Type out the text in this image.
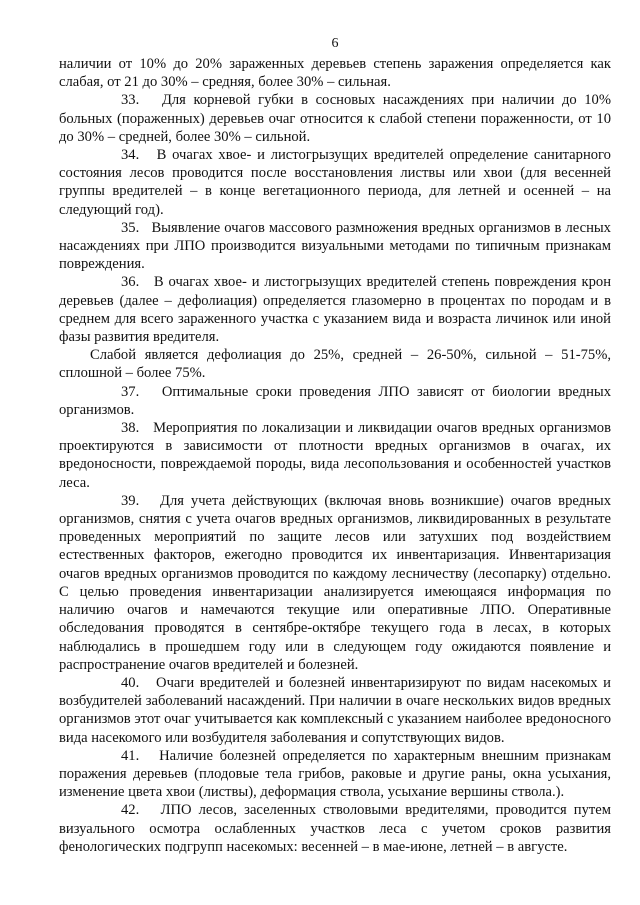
6

наличии от 10% до 20% зараженных деревьев степень заражения определяется как слабая, от 21 до 30% – средняя, более 30% – сильная.

33. Для корневой губки в сосновых насаждениях при наличии до 10% больных (пораженных) деревьев очаг относится к слабой степени пораженности, от 10 до 30% – средней, более 30% – сильной.

34. В очагах хвое- и листогрызущих вредителей определение санитарного состояния лесов проводится после восстановления листвы или хвои (для весенней группы вредителей – в конце вегетационного периода, для летней и осенней – на следующий год).

35. Выявление очагов массового размножения вредных организмов в лесных насаждениях при ЛПО производится визуальными методами по типичным признакам повреждения.

36. В очагах хвое- и листогрызущих вредителей степень повреждения крон деревьев (далее – дефолиация) определяется глазомерно в процентах по породам и в среднем для всего зараженного участка с указанием вида и возраста личинок или иной фазы развития вредителя.

Слабой является дефолиация до 25%, средней – 26-50%, сильной – 51-75%, сплошной – более 75%.

37. Оптимальные сроки проведения ЛПО зависят от биологии вредных организмов.

38. Мероприятия по локализации и ликвидации очагов вредных организмов проектируются в зависимости от плотности вредных организмов в очагах, их вредоносности, повреждаемой породы, вида лесопользования и особенностей участков леса.

39. Для учета действующих (включая вновь возникшие) очагов вредных организмов, снятия с учета очагов вредных организмов, ликвидированных в результате проведенных мероприятий по защите лесов или затухших под воздействием естественных факторов, ежегодно проводится их инвентаризация. Инвентаризация очагов вредных организмов проводится по каждому лесничеству (лесопарку) отдельно. С целью проведения инвентаризации анализируется имеющаяся информация по наличию очагов и намечаются текущие или оперативные ЛПО. Оперативные обследования проводятся в сентябре-октябре текущего года в лесах, в которых наблюдались в прошедшем году или в следующем году ожидаются появление и распространение очагов вредителей и болезней.

40. Очаги вредителей и болезней инвентаризируют по видам насекомых и возбудителей заболеваний насаждений. При наличии в очаге нескольких видов вредных организмов этот очаг учитывается как комплексный с указанием наиболее вредоносного вида насекомого или возбудителя заболевания и сопутствующих видов.

41. Наличие болезней определяется по характерным внешним признакам поражения деревьев (плодовые тела грибов, раковые и другие раны, окна усыхания, изменение цвета хвои (листвы), деформация ствола, усыхание вершины ствола.).

42. ЛПО лесов, заселенных стволовыми вредителями, проводится путем визуального осмотра ослабленных участков леса с учетом сроков развития фенологических подгрупп насекомых: весенней – в мае-июне, летней – в августе.
